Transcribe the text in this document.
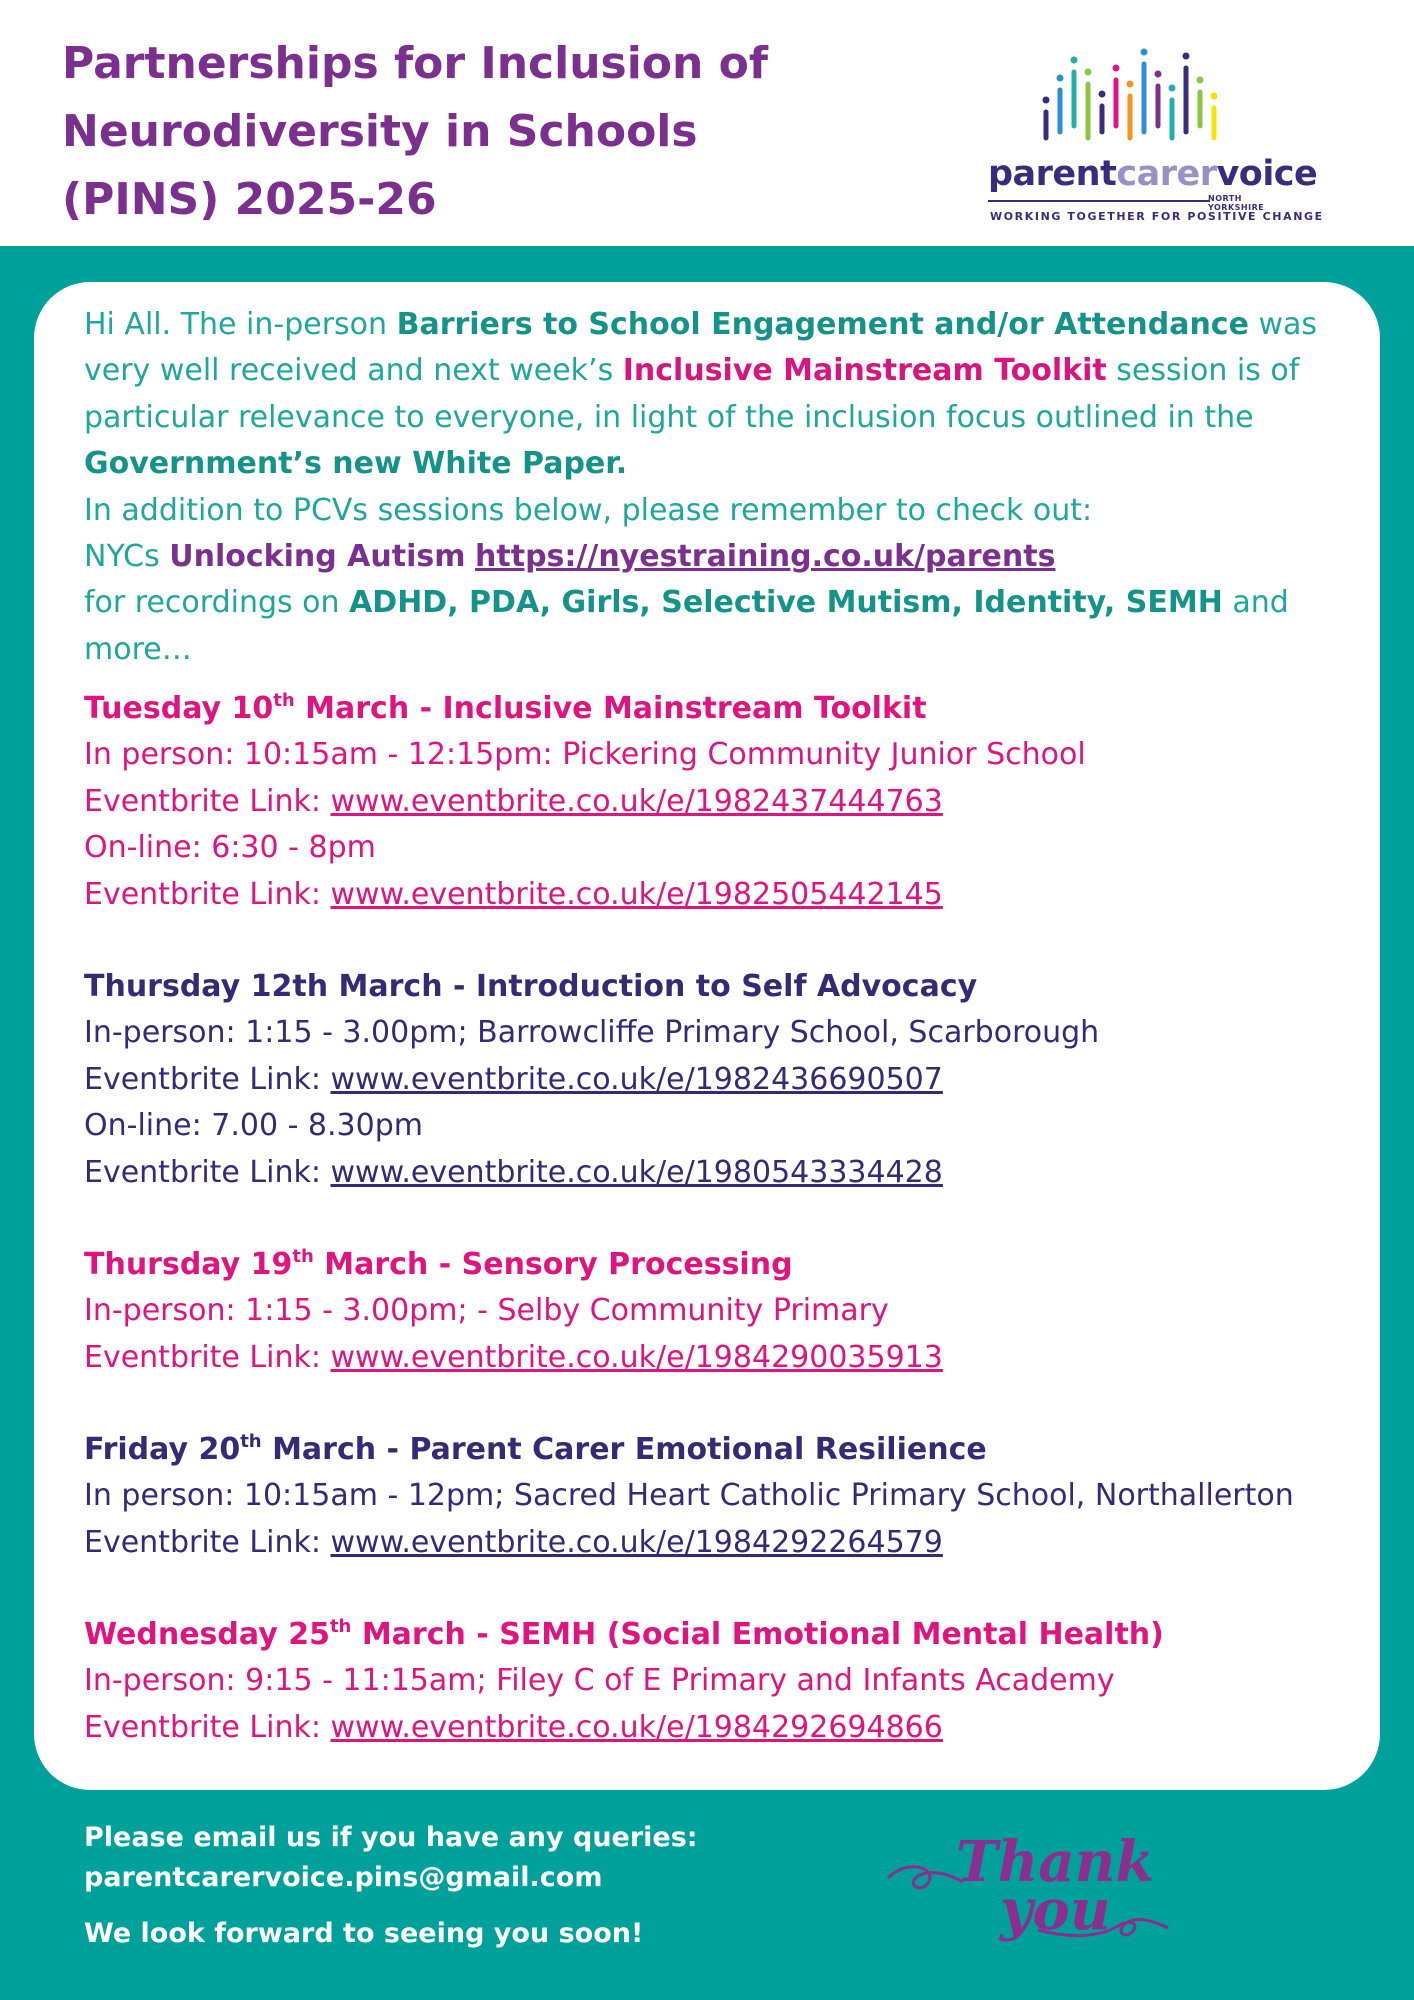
Partnerships for Inclusion of
Neurodiversity in Schools
(PINS) 2025-26	parentcarervoice
NORTH YORKSHIRE
WORKING TOGETHER FOR POSITIVE CHANGE
Hi All. The in-person Barriers to School Engagement and/or Attendance was very well received and next week’s Inclusive Mainstream Toolkit session is of particular relevance to everyone, in light of the inclusion focus outlined in the Government’s new White Paper.
In addition to PCVs sessions below, please remember to check out:
NYCs Unlocking Autism https://nyestraining.co.uk/parents
for recordings on ADHD, PDA, Girls, Selective Mutism, Identity, SEMH and more…
Tuesday 10th March - Inclusive Mainstream Toolkit
In person: 10:15am - 12:15pm: Pickering Community Junior School
Eventbrite Link: www.eventbrite.co.uk/e/1982437444763
On-line: 6:30 - 8pm
Eventbrite Link: www.eventbrite.co.uk/e/1982505442145
Thursday 12th March - Introduction to Self Advocacy
In-person: 1:15 - 3.00pm; Barrowcliffe Primary School, Scarborough
Eventbrite Link: www.eventbrite.co.uk/e/1982436690507
On-line: 7.00 - 8.30pm
Eventbrite Link: www.eventbrite.co.uk/e/1980543334428
Thursday 19th March - Sensory Processing
In-person: 1:15 - 3.00pm; - Selby Community Primary
Eventbrite Link: www.eventbrite.co.uk/e/1984290035913
Friday 20th March - Parent Carer Emotional Resilience
In person: 10:15am - 12pm; Sacred Heart Catholic Primary School, Northallerton
Eventbrite Link: www.eventbrite.co.uk/e/1984292264579
Wednesday 25th March - SEMH (Social Emotional Mental Health)
In-person: 9:15 - 11:15am; Filey C of E Primary and Infants Academy
Eventbrite Link: www.eventbrite.co.uk/e/1984292694866
Please email us if you have any queries:
parentcarervoice.pins@gmail.com
We look forward to seeing you soon!
Thank
you
